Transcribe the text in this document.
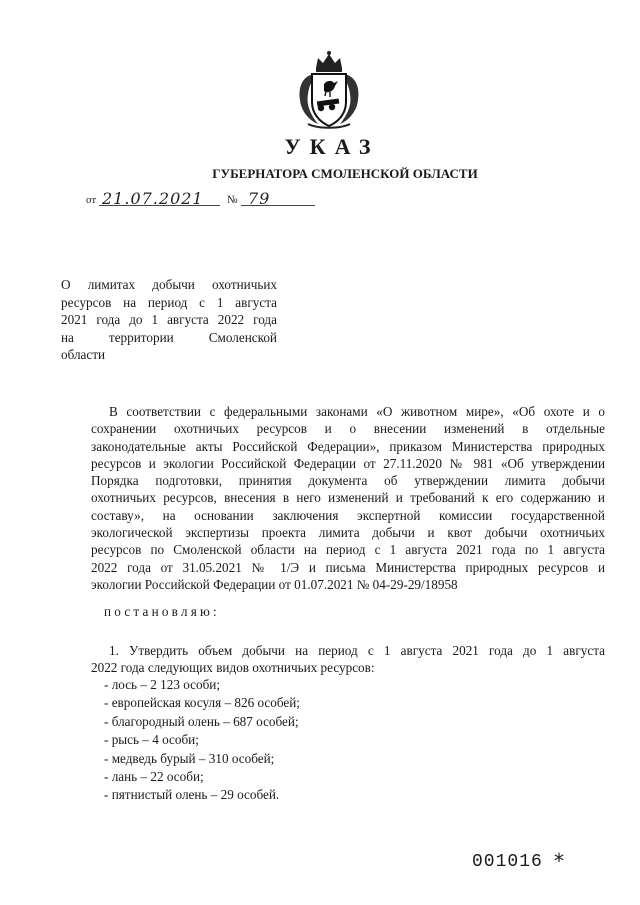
УКАЗ
ГУБЕРНАТОРА СМОЛЕНСКОЙ ОБЛАСТИ
от 21.07.2021 № 79
О лимитах добычи охотничьих
ресурсов на период с 1 августа
2021 года до 1 августа 2022 года
на территории Смоленской
области
В соответствии с федеральными законами «О животном мире», «Об охоте и о
сохранении охотничьих ресурсов и о внесении изменений в отдельные
законодательные акты Российской Федерации», приказом Министерства природных
ресурсов и экологии Российской Федерации от 27.11.2020 № 981 «Об утверждении
Порядка подготовки, принятия документа об утверждении лимита добычи
охотничьих ресурсов, внесения в него изменений и требований к его содержанию и
составу», на основании заключения экспертной комиссии государственной
экологической экспертизы проекта лимита добычи и квот добычи охотничьих
ресурсов по Смоленской области на период с 1 августа 2021 года по 1 августа
2022 года от 31.05.2021 № 1/Э и письма Министерства природных ресурсов и
экологии Российской Федерации от 01.07.2021 № 04-29-29/18958
постановляю:
1. Утвердить объем добычи на период с 1 августа 2021 года до 1 августа
2022 года следующих видов охотничьих ресурсов:
- лось – 2 123 особи;
- европейская косуля – 826 особей;
- благородный олень – 687 особей;
- рысь – 4 особи;
- медведь бурый – 310 особей;
- лань – 22 особи;
- пятнистый олень – 29 особей.
001016 *
